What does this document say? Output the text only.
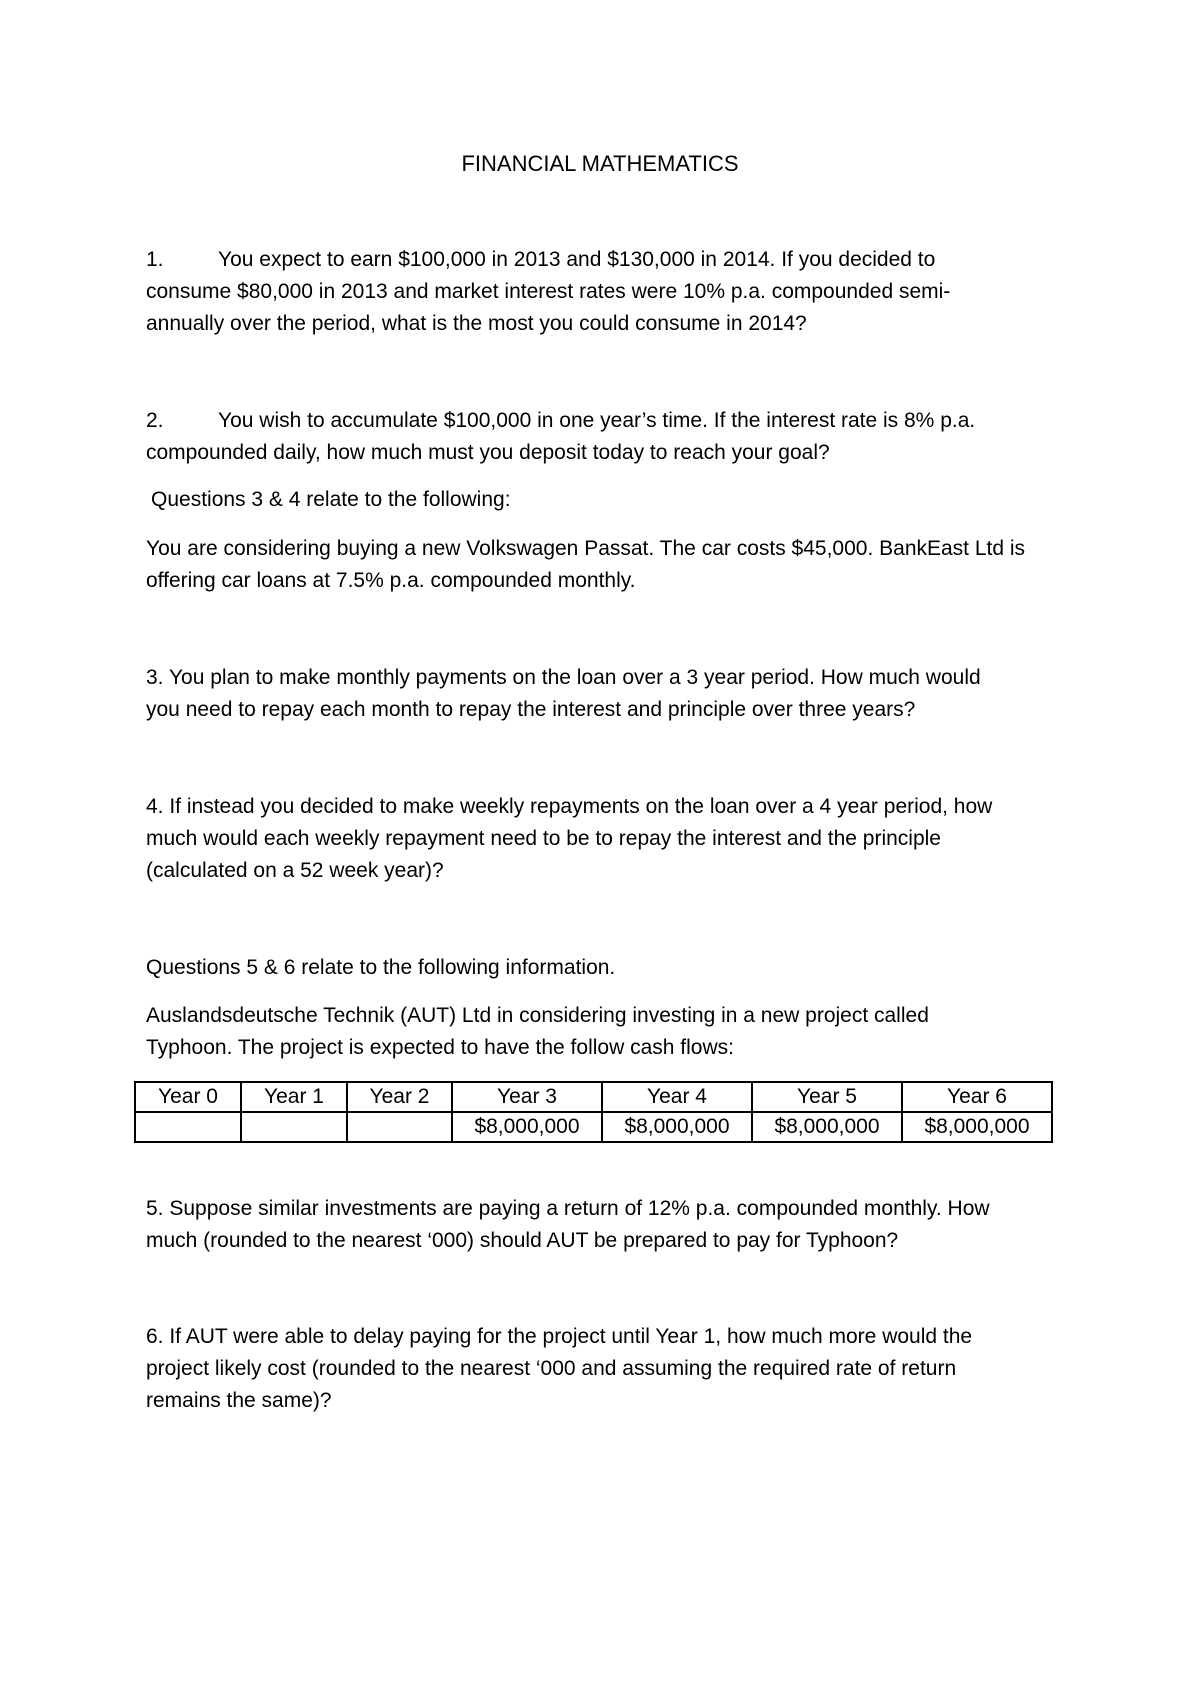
FINANCIAL MATHEMATICS
1.	You expect to earn $100,000 in 2013 and $130,000 in 2014. If you decided to
consume $80,000 in 2013 and market interest rates were 10% p.a. compounded semi-
annually over the period, what is the most you could consume in 2014?
2.	You wish to accumulate $100,000 in one year’s time. If the interest rate is 8% p.a.
compounded daily, how much must you deposit today to reach your goal?
Questions 3 & 4 relate to the following:
You are considering buying a new Volkswagen Passat. The car costs $45,000. BankEast Ltd is
offering car loans at 7.5% p.a. compounded monthly.
3. You plan to make monthly payments on the loan over a 3 year period. How much would
you need to repay each month to repay the interest and principle over three years?
4. If instead you decided to make weekly repayments on the loan over a 4 year period, how
much would each weekly repayment need to be to repay the interest and the principle
(calculated on a 52 week year)?
Questions 5 & 6 relate to the following information.
Auslandsdeutsche Technik (AUT) Ltd in considering investing in a new project called
Typhoon. The project is expected to have the follow cash flows:
Year 0	Year 1	Year 2	Year 3	Year 4	Year 5	Year 6
			$8,000,000	$8,000,000	$8,000,000	$8,000,000
5. Suppose similar investments are paying a return of 12% p.a. compounded monthly. How
much (rounded to the nearest ‘000) should AUT be prepared to pay for Typhoon?
6. If AUT were able to delay paying for the project until Year 1, how much more would the
project likely cost (rounded to the nearest ‘000 and assuming the required rate of return
remains the same)?
